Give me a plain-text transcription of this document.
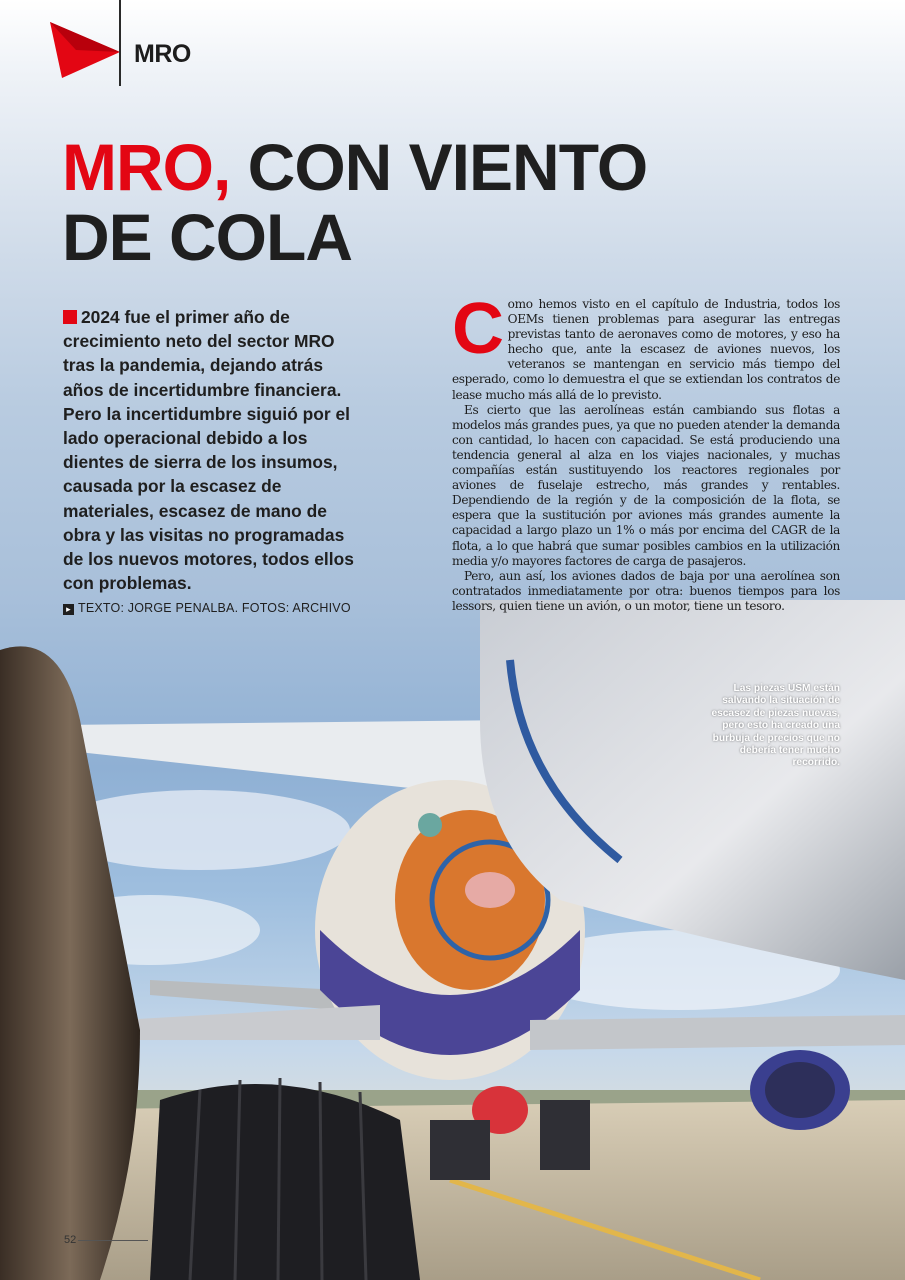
MRO
MRO, CON VIENTO
DE COLA
2024 fue el primer año de crecimiento neto del sector MRO tras la pandemia, dejando atrás años de incertidumbre financiera. Pero la incertidumbre siguió por el lado operacional debido a los dientes de sierra de los insumos, causada por la escasez de materiales, escasez de mano de obra y las visitas no programadas de los nuevos motores, todos ellos con problemas.
▸ TEXTO: JORGE PENALBA. FOTOS: ARCHIVO

Como hemos visto en el capítulo de Industria, todos los OEMs tienen problemas para asegurar las entregas previstas tanto de aeronaves como de motores, y eso ha hecho que, ante la escasez de aviones nuevos, los veteranos se mantengan en servicio más tiempo del esperado, como lo demuestra el que se extiendan los contratos de lease mucho más allá de lo previsto.

Es cierto que las aerolíneas están cambiando sus flotas a modelos más grandes pues, ya que no pueden atender la demanda con cantidad, lo hacen con capacidad. Se está produciendo una tendencia general al alza en los viajes nacionales, y muchas compañías están sustituyendo los reactores regionales por aviones de fuselaje estrecho, más grandes y rentables. Dependiendo de la región y de la composición de la flota, se espera que la sustitución por aviones más grandes aumente la capacidad a largo plazo un 1% o más por encima del CAGR de la flota, a lo que habrá que sumar posibles cambios en la utilización media y/o mayores factores de carga de pasajeros.

Pero, aun así, los aviones dados de baja por una aerolínea son contratados inmediatamente por otra: buenos tiempos para los lessors, quien tiene un avión, o un motor, tiene un tesoro.

Las piezas USM están salvando la situación de escasez de piezas nuevas, pero esto ha creado una burbuja de precios que no debería tener mucho recorrido.
52
